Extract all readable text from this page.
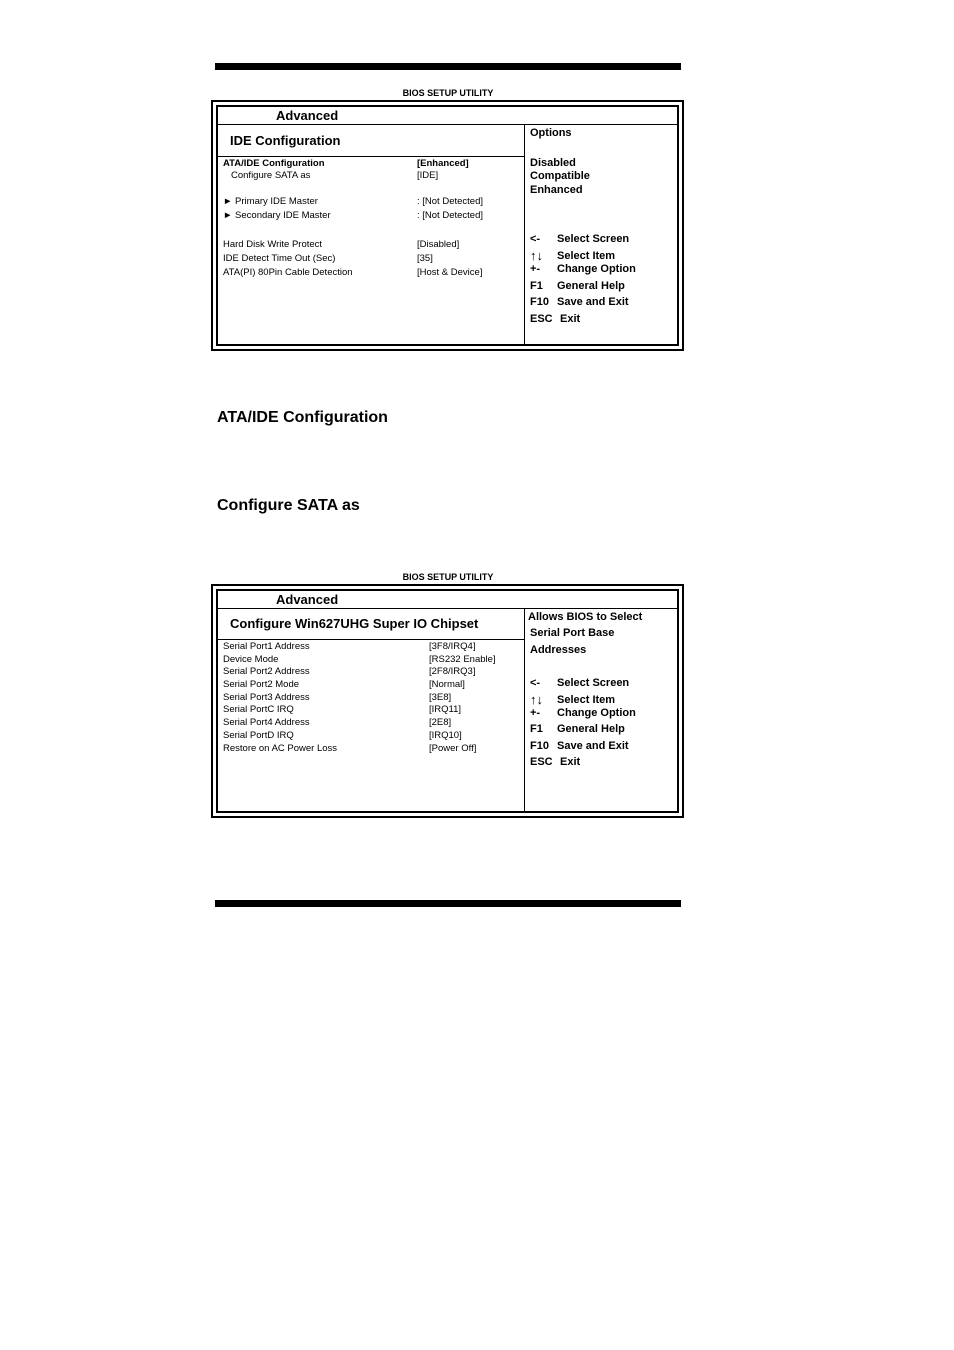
BIOS SETUP UTILITY
Advanced
IDE Configuration
ATA/IDE Configuration	[Enhanced]
Configure SATA as	[IDE]
► Primary IDE Master	: [Not Detected]
► Secondary IDE Master	: [Not Detected]
Hard Disk Write Protect	[Disabled]
IDE Detect Time Out (Sec)	[35]
ATA(PI) 80Pin Cable Detection	[Host & Device]
Options
Disabled
Compatible
Enhanced
<- Select Screen
↑↓ Select Item
+- Change Option
F1 General Help
F10 Save and Exit
ESC Exit
ATA/IDE Configuration
Configure SATA as
BIOS SETUP UTILITY
Advanced
Configure Win627UHG Super IO Chipset
Serial Port1 Address	[3F8/IRQ4]
Device Mode	[RS232 Enable]
Serial Port2 Address	[2F8/IRQ3]
Serial Port2 Mode	[Normal]
Serial Port3 Address	[3E8]
Serial PortC IRQ	[IRQ11]
Serial Port4 Address	[2E8]
Serial PortD IRQ	[IRQ10]
Restore on AC Power Loss	[Power Off]
Allows BIOS to Select
Serial Port Base
Addresses
<- Select Screen
↑↓ Select Item
+- Change Option
F1 General Help
F10 Save and Exit
ESC Exit
